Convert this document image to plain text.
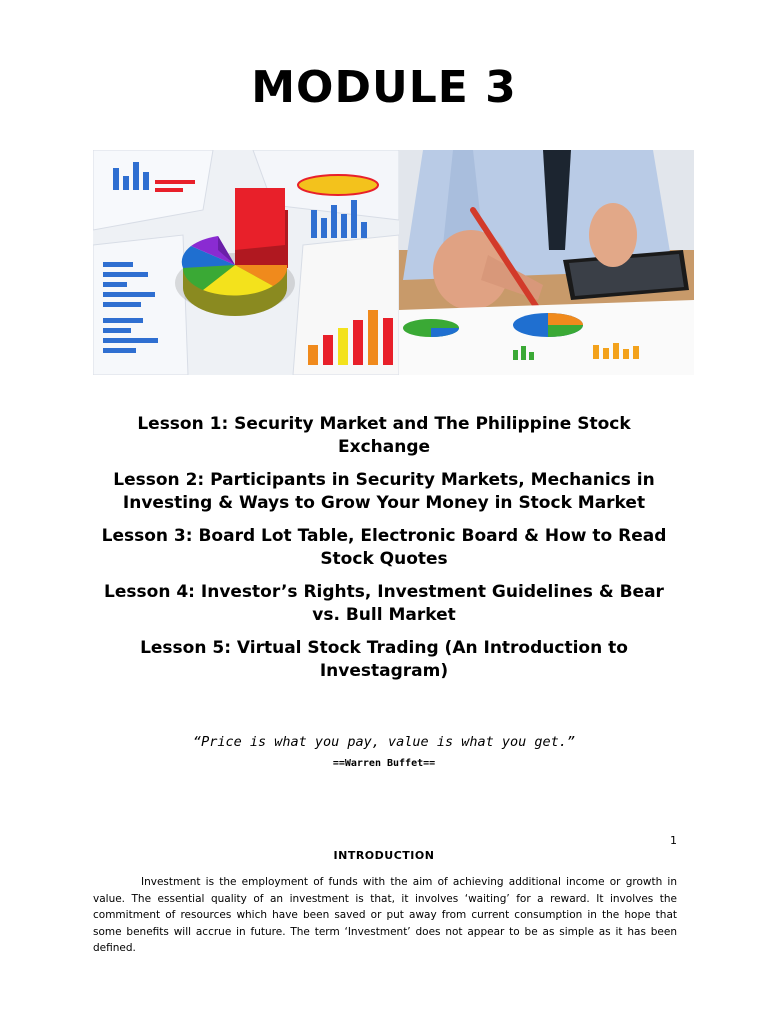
MODULE 3
Lesson 1: Security Market and The Philippine Stock Exchange
Lesson 2: Participants in Security Markets, Mechanics in Investing & Ways to Grow Your Money in Stock Market
Lesson 3: Board Lot Table, Electronic Board & How to Read Stock Quotes
Lesson 4: Investor’s Rights, Investment Guidelines & Bear vs. Bull Market
Lesson 5: Virtual Stock Trading (An Introduction to Investagram)
“Price is what you pay, value is what you get.”
==Warren Buffet==
1
INTRODUCTION
Investment is the employment of funds with the aim of achieving additional income or growth in value. The essential quality of an investment is that, it involves ‘waiting’ for a reward. It involves the commitment of resources which have been saved or put away from current consumption in the hope that some benefits will accrue in future. The term ‘Investment’ does not appear to be as simple as it has been defined.
